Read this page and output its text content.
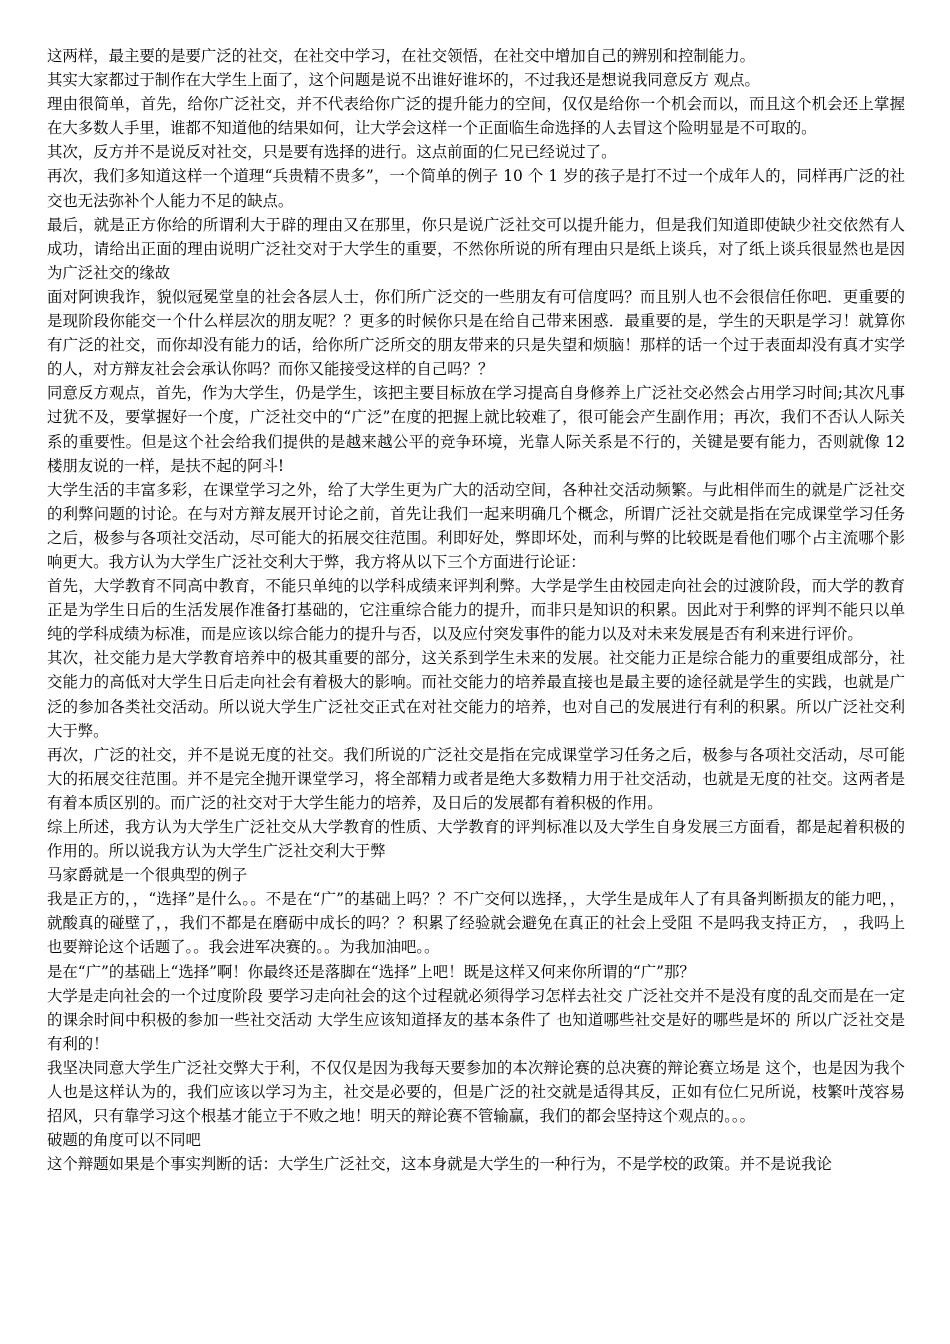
这两样，最主要的是要广泛的社交，在社交中学习，在社交领悟，在社交中增加自己的辨别和控制能力。

其实大家都过于制作在大学生上面了，这个问题是说不出谁好谁坏的，不过我还是想说我同意反方 观点。

理由很简单，首先，给你广泛社交，并不代表给你广泛的提升能力的空间，仅仅是给你一个机会而以，而且这个机会还上掌握在大多数人手里，谁都不知道他的结果如何，让大学会这样一个正面临生命选择的人去冒这个险明显是不可取的。

其次，反方并不是说反对社交，只是要有选择的进行。这点前面的仁兄已经说过了。

再次，我们多知道这样一个道理“兵贵精不贵多”，一个简单的例子 10 个 1 岁的孩子是打不过一个成年人的，同样再广泛的社交也无法弥补个人能力不足的缺点。

最后，就是正方你给的所谓利大于辟的理由又在那里，你只是说广泛社交可以提升能力，但是我们知道即使缺少社交依然有人成功，请给出正面的理由说明广泛社交对于大学生的重要，不然你所说的所有理由只是纸上谈兵，对了纸上谈兵很显然也是因为广泛社交的缘故

面对阿谀我诈，貌似冠冕堂皇的社会各层人士，你们所广泛交的一些朋友有可信度吗？而且别人也不会很信任你吧．更重要的是现阶段你能交一个什么样层次的朋友呢？？更多的时候你只是在给自己带来困惑．最重要的是，学生的天职是学习！就算你有广泛的社交，而你却没有能力的话，给你所广泛所交的朋友带来的只是失望和烦脑！那样的话一个过于表面却没有真才实学的人，对方辩友社会会承认你吗？而你又能接受这样的自己吗？？

同意反方观点，首先，作为大学生，仍是学生，该把主要目标放在学习提高自身修养上广泛社交必然会占用学习时间;其次凡事过犹不及，要掌握好一个度，广泛社交中的“广泛”在度的把握上就比较难了，很可能会产生副作用；再次，我们不否认人际关系的重要性。但是这个社会给我们提供的是越来越公平的竞争环境，光靠人际关系是不行的，关键是要有能力，否则就像 12 楼朋友说的一样，是扶不起的阿斗!

大学生活的丰富多彩，在课堂学习之外，给了大学生更为广大的活动空间，各种社交活动频繁。与此相伴而生的就是广泛社交的利弊问题的讨论。在与对方辩友展开讨论之前，首先让我们一起来明确几个概念，所谓广泛社交就是指在完成课堂学习任务之后，极参与各项社交活动，尽可能大的拓展交往范围。利即好处，弊即坏处，而利与弊的比较既是看他们哪个占主流哪个影响更大。我方认为大学生广泛社交利大于弊，我方将从以下三个方面进行论证：

首先，大学教育不同高中教育，不能只单纯的以学科成绩来评判利弊。大学是学生由校园走向社会的过渡阶段，而大学的教育正是为学生日后的生活发展作准备打基础的，它注重综合能力的提升，而非只是知识的积累。因此对于利弊的评判不能只以单纯的学科成绩为标准，而是应该以综合能力的提升与否，以及应付突发事件的能力以及对未来发展是否有利来进行评价。

其次，社交能力是大学教育培养中的极其重要的部分，这关系到学生未来的发展。社交能力正是综合能力的重要组成部分，社交能力的高低对大学生日后走向社会有着极大的影响。而社交能力的培养最直接也是最主要的途径就是学生的实践，也就是广泛的参加各类社交活动。所以说大学生广泛社交正式在对社交能力的培养，也对自己的发展进行有利的积累。所以广泛社交利大于弊。

再次，广泛的社交，并不是说无度的社交。我们所说的广泛社交是指在完成课堂学习任务之后，极参与各项社交活动，尽可能大的拓展交往范围。并不是完全抛开课堂学习，将全部精力或者是绝大多数精力用于社交活动，也就是无度的社交。这两者是有着本质区别的。而广泛的社交对于大学生能力的培养，及日后的发展都有着积极的作用。

综上所述，我方认为大学生广泛社交从大学教育的性质、大学教育的评判标准以及大学生自身发展三方面看，都是起着积极的作用的。所以说我方认为大学生广泛社交利大于弊

马家爵就是一个很典型的例子

我是正方的，，“选择”是什么。。不是在“广”的基础上吗？？不广交何以选择，，大学生是成年人了有具备判断损友的能力吧，，就酸真的碰壁了，，我们不都是在磨砺中成长的吗？？积累了经验就会避免在真正的社会上受阻 不是吗我支持正方， ，我吗上也要辩论这个话题了。。我会进军决赛的。。为我加油吧。。

是在“广”的基础上“选择”啊！你最终还是落脚在“选择”上吧！既是这样又何来你所谓的“广”那？

大学是走向社会的一个过度阶段 要学习走向社会的这个过程就必须得学习怎样去社交 广泛社交并不是没有度的乱交而是在一定的课余时间中积极的参加一些社交活动 大学生应该知道择友的基本条件了 也知道哪些社交是好的哪些是坏的 所以广泛社交是有利的！

我坚决同意大学生广泛社交弊大于利，不仅仅是因为我每天要参加的本次辩论赛的总决赛的辩论赛立场是 这个，也是因为我个人也是这样认为的，我们应该以学习为主，社交是必要的，但是广泛的社交就是适得其反，正如有位仁兄所说，枝繁叶茂容易招风，只有靠学习这个根基才能立于不败之地！明天的辩论赛不管输赢，我们的都会坚持这个观点的。。。

破题的角度可以不同吧

这个辩题如果是个事实判断的话：大学生广泛社交，这本身就是大学生的一种行为，不是学校的政策。并不是说我论
